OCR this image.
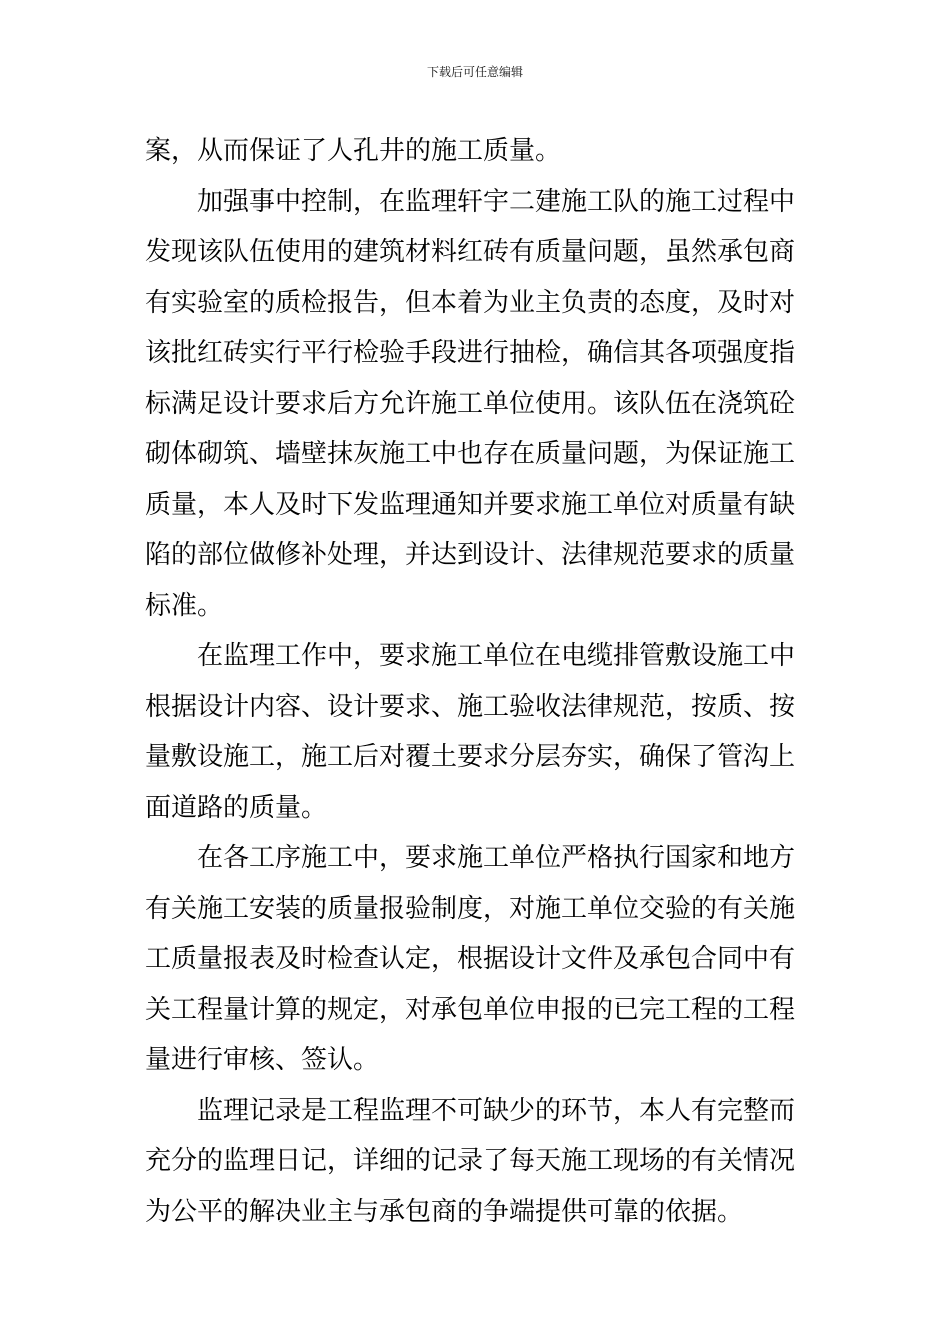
下载后可任意编辑
案，从而保证了人孔井的施工质量。
加强事中控制，在监理轩宇二建施工队的施工过程中
发现该队伍使用的建筑材料红砖有质量问题，虽然承包商
有实验室的质检报告，但本着为业主负责的态度，及时对
该批红砖实行平行检验手段进行抽检，确信其各项强度指
标满足设计要求后方允许施工单位使用。该队伍在浇筑砼
砌体砌筑、墙壁抹灰施工中也存在质量问题，为保证施工
质量，本人及时下发监理通知并要求施工单位对质量有缺
陷的部位做修补处理，并达到设计、法律规范要求的质量
标准。
在监理工作中，要求施工单位在电缆排管敷设施工中
根据设计内容、设计要求、施工验收法律规范，按质、按
量敷设施工，施工后对覆土要求分层夯实，确保了管沟上
面道路的质量。
在各工序施工中，要求施工单位严格执行国家和地方
有关施工安装的质量报验制度，对施工单位交验的有关施
工质量报表及时检查认定，根据设计文件及承包合同中有
关工程量计算的规定，对承包单位申报的已完工程的工程
量进行审核、签认。
监理记录是工程监理不可缺少的环节，本人有完整而
充分的监理日记，详细的记录了每天施工现场的有关情况
为公平的解决业主与承包商的争端提供可靠的依据。
